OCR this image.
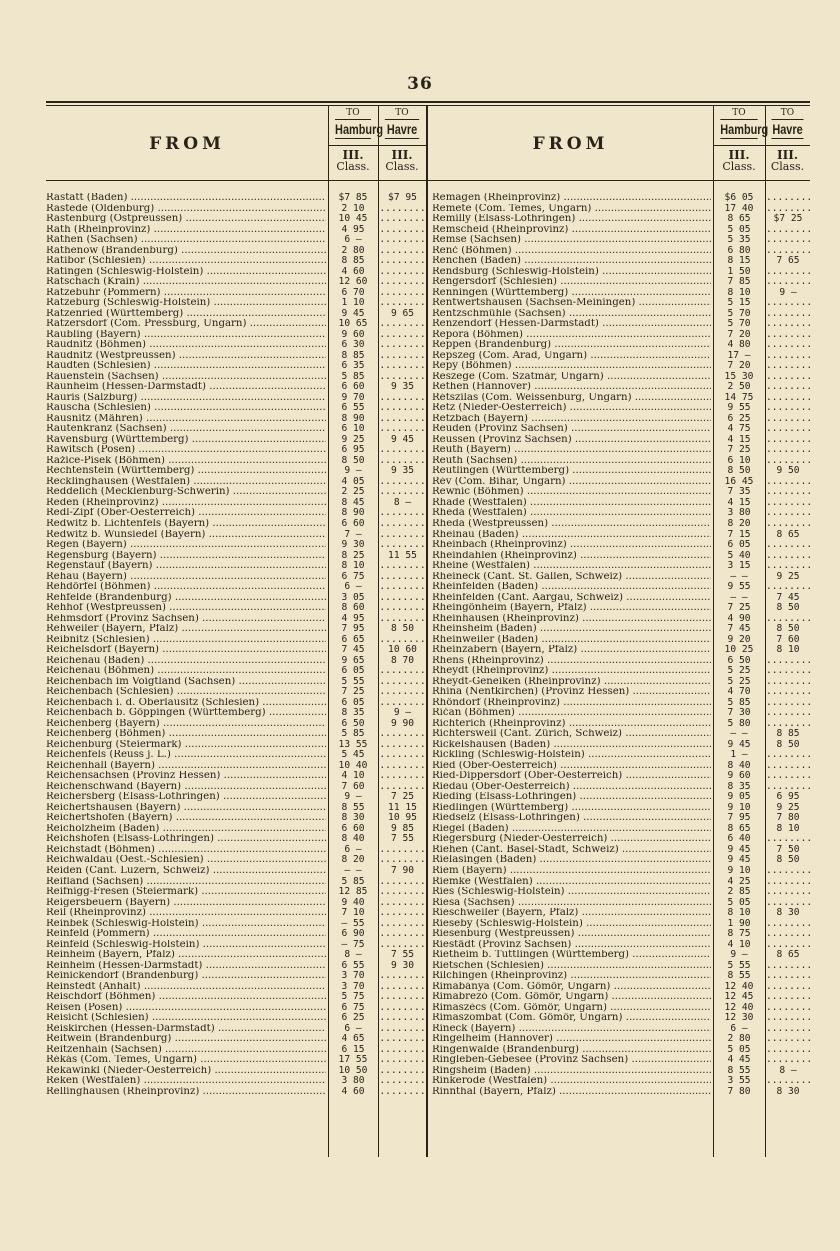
36
FROM
TO
Hamburg
III.
Class.
TO
Havre
III.
Class.
FROM
TO
Hamburg
III.
Class.
TO
Havre
III.
Class.
Rastatt (Baden) .....	$7 85	$7 95
Rastede (Oldenburg) .....	2 10	........
Rastenburg (Ostpreussen) .....	10 45	........
Rath (Rheinprovinz) .....	4 95	........
Rathen (Sachsen) .....	6 —	........
Rathenow (Brandenburg) .....	2 80	........
Ratibor (Schlesien) .....	8 85	........
Ratingen (Schleswig-Holstein) .....	4 60	........
Ratschach (Krain) .....	12 60	........
Ratzebuhr (Pommern) .....	6 70	........
Ratzeburg (Schleswig-Holstein) .....	1 10	........
Ratzenried (Württemberg) .....	9 45	9 65
Ratzersdorf (Com. Pressburg, Ungarn) .....	10 65	........
Raubling (Bayern) .....	9 60	........
Raudnitz (Böhmen) .....	6 30	........
Raudnitz (Westpreussen) .....	8 85	........
Raudten (Schlesien) .....	6 35	........
Rauenstein (Sachsen) .....	5 85	........
Raunheim (Hessen-Darmstadt) .....	6 60	9 35
Rauris (Salzburg) .....	9 70	........
Rauscha (Schlesien) .....	6 55	........
Rausnitz (Mähren) .....	8 90	........
Rautenkranz (Sachsen) .....	6 10	........
Ravensburg (Württemberg) .....	9 25	9 45
Rawitsch (Posen) .....	6 95	........
Ražice-Pisek (Böhmen) .....	8 50	........
Rechtenstein (Württemberg) .....	9 —	9 35
Recklinghausen (Westfalen) .....	4 05	........
Reddelich (Mecklenburg-Schwerin) .....	2 25	........
Reden (Rheinprovinz) .....	8 45	8 —
Redl-Zipf (Ober-Oesterreich) .....	8 90	........
Redwitz b. Lichtenfels (Bayern) .....	6 60	........
Redwitz b. Wunsiedel (Bayern) .....	7 —	........
Regen (Bayern) .....	9 30	........
Regensburg (Bayern) .....	8 25	11 55
Regenstauf (Bayern) .....	8 10	........
Rehau (Bayern) .....	6 75	........
Rehdörfel (Böhmen) .....	6 —	........
Rehfelde (Brandenburg) .....	3 05	........
Rehhof (Westpreussen) .....	8 60	........
Rehmsdorf (Provinz Sachsen) .....	4 95	........
Rehweiler (Bayern, Pfalz) .....	7 95	8 50
Reibnitz (Schlesien) .....	6 65	........
Reichelsdorf (Bayern) .....	7 45	10 60
Reichenau (Baden) .....	9 65	8 70
Reichenau (Böhmen) .....	6 05	........
Reichenbach im Voigtland (Sachsen) .....	5 55	........
Reichenbach (Schlesien) .....	7 25	........
Reichenbach i. d. Oberlausitz (Schlesien) .....	6 05	........
Reichenbach b. Göppingen (Württemberg) .....	8 35	9 —
Reichenberg (Bayern) .....	6 50	9 90
Reichenberg (Böhmen) .....	5 85	........
Reichenburg (Steiermark) .....	13 55	........
Reichenfels (Reuss j. L.) .....	5 45	........
Reichenhall (Bayern) .....	10 40	........
Reichensachsen (Provinz Hessen) .....	4 10	........
Reichenschwand (Bayern) .....	7 60	........
Reichersberg (Elsass-Lothringen) .....	9 —	7 25
Reichertshausen (Bayern) .....	8 55	11 15
Reichertshofen (Bayern) .....	8 30	10 95
Reicholzheim (Baden) .....	6 60	9 85
Reichshofen (Elsass-Lothringen) .....	8 40	7 55
Reichstadt (Böhmen) .....	6 —	........
Reichwaldau (Oest.-Schlesien) .....	8 20	........
Reiden (Cant. Luzern, Schweiz) .....	— —	7 90
Reifland (Sachsen) .....	5 85	........
Reifnigg-Fresen (Steiermark) .....	12 85	........
Reigersbeuern (Bayern) .....	9 40	........
Reil (Rheinprovinz) .....	7 10	........
Reinbek (Schleswig-Holstein) .....	— 55	........
Reinfeld (Pommern) .....	6 90	........
Reinfeld (Schleswig-Holstein) .....	— 75	........
Reinheim (Bayern, Pfalz) .....	8 —	7 55
Reinheim (Hessen-Darmstadt) .....	6 55	9 30
Reinickendorf (Brandenburg) .....	3 70	........
Reinstedt (Anhalt) .....	3 70	........
Reischdorf (Böhmen) .....	5 75	........
Reisen (Posen) .....	6 75	........
Reisicht (Schlesien) .....	6 25	........
Reiskirchen (Hessen-Darmstadt) .....	6 —	........
Reitwein (Brandenburg) .....	4 65	........
Reitzenhain (Sachsen) .....	6 15	........
Rékás (Com. Temes, Ungarn) .....	17 55	........
Rekawinkl (Nieder-Oesterreich) .....	10 50	........
Reken (Westfalen) .....	3 80	........
Rellinghausen (Rheinprovinz) .....	4 60	........
Remagen (Rheinprovinz) .....	$6 05	........
Remete (Com. Temes, Ungarn) .....	17 40	........
Remilly (Elsass-Lothringen) .....	8 65	$7 25
Remscheid (Rheinprovinz) .....	5 05	........
Remse (Sachsen) .....	5 35	........
Renč (Böhmen) .....	6 80	........
Renchen (Baden) .....	8 15	7 65
Rendsburg (Schleswig-Holstein) .....	1 50	........
Rengersdorf (Schlesien) .....	7 85	........
Renningen (Württemberg) .....	8 10	9 —
Rentwertshausen (Sachsen-Meiningen) .....	5 15	........
Rentzschmühle (Sachsen) .....	5 70	........
Renzendorf (Hessen-Darmstadt) .....	5 70	........
Řepora (Böhmen) .....	7 20	........
Reppen (Brandenburg) .....	4 80	........
Repszeg (Com. Arad, Ungarn) .....	17 —	........
Řepy (Böhmen) .....	7 20	........
Reszege (Com. Szatmár, Ungarn) .....	15 30	........
Rethen (Hannover) .....	2 50	........
Rétszilas (Com. Weissenburg, Ungarn) .....	14 75	........
Retz (Nieder-Oesterreich) .....	9 55	........
Retzbach (Bayern) .....	6 25	........
Reuden (Provinz Sachsen) .....	4 75	........
Reussen (Provinz Sachsen) .....	4 15	........
Reuth (Bayern) .....	7 25	........
Reuth (Sachsen) .....	6 10	........
Reutlingen (Württemberg) .....	8 50	9 50
Rév (Com. Bihar, Ungarn) .....	16 45	........
Řewnic (Böhmen) .....	7 35	........
Rhade (Westfalen) .....	4 15	........
Rheda (Westfalen) .....	3 80	........
Rheda (Westpreussen) .....	8 20	........
Rheinau (Baden) .....	7 15	8 65
Rheinbach (Rheinprovinz) .....	6 05	........
Rheindahlen (Rheinprovinz) .....	5 40	........
Rheine (Westfalen) .....	3 15	........
Rheineck (Cant. St. Gallen, Schweiz) .....	— —	9 25
Rheinfelden (Baden) .....	9 55	........
Rheinfelden (Cant. Aargau, Schweiz) .....	— —	7 45
Rheingönheim (Bayern, Pfalz) .....	7 25	8 50
Rheinhausen (Rheinprovinz) .....	4 90	........
Rheinsheim (Baden) .....	7 45	8 50
Rheinweiler (Baden) .....	9 20	7 60
Rheinzabern (Bayern, Pfalz) .....	10 25	8 10
Rhens (Rheinprovinz) .....	6 50	........
Rheydt (Rheinprovinz) .....	5 25	........
Rheydt-Geneiken (Rheinprovinz) .....	5 25	........
Rhina (Nentkirchen) (Provinz Hessen) .....	4 70	........
Rhöndorf (Rheinprovinz) .....	5 85	........
Říčan (Böhmen) .....	7 30	........
Richterich (Rheinprovinz) .....	5 80	........
Richtersweil (Cant. Zürich, Schweiz) .....	— —	8 85
Rickelshausen (Baden) .....	9 45	8 50
Rickling (Schleswig-Holstein) .....	1 —	........
Ried (Ober-Oesterreich) .....	8 40	........
Ried-Dippersdorf (Ober-Oesterreich) .....	9 60	........
Riedau (Ober-Oesterreich) .....	8 35	........
Rieding (Elsass-Lothringen) .....	9 05	6 95
Riedlingen (Württemberg) .....	9 10	9 25
Riedselz (Elsass-Lothringen) .....	7 95	7 80
Riegel (Baden) .....	8 65	8 10
Riegersburg (Nieder-Oesterreich) .....	6 40	........
Riehen (Cant. Basel-Stadt, Schweiz) .....	9 45	7 50
Rielasingen (Baden) .....	9 45	8 50
Riem (Bayern) .....	9 10	........
Riemke (Westfalen) .....	4 25	........
Ries (Schleswig-Holstein) .....	2 85	........
Riesa (Sachsen) .....	5 05	........
Rieschweiler (Bayern, Pfalz) .....	8 10	8 30
Rieseby (Schleswig-Holstein) .....	1 90	........
Riesenburg (Westpreussen) .....	8 75	........
Riestädt (Provinz Sachsen) .....	4 10	........
Rietheim b. Tuttlingen (Württemberg) .....	9 —	8 65
Rietschen (Schlesien) .....	5 55	........
Rilchingen (Rheinprovinz) .....	8 55	........
Rimabánya (Com. Gömör, Ungarn) .....	12 40	........
Rimabrezó (Com. Gömör, Ungarn) .....	12 45	........
Rimaszécs (Com. Gömör, Ungarn) .....	12 40	........
Rimaszombat (Com. Gömör, Ungarn) .....	12 30	........
Rineck (Bayern) .....	6 —	........
Ringelheim (Hannover) .....	2 80	........
Ringenwalde (Brandenburg) .....	5 05	........
Ringleben-Gebesee (Provinz Sachsen) .....	4 45	........
Ringsheim (Baden) .....	8 55	8 —
Rinkerode (Westfalen) .....	3 55	........
Rinnthal (Bayern, Pfalz) .....	7 80	8 30
